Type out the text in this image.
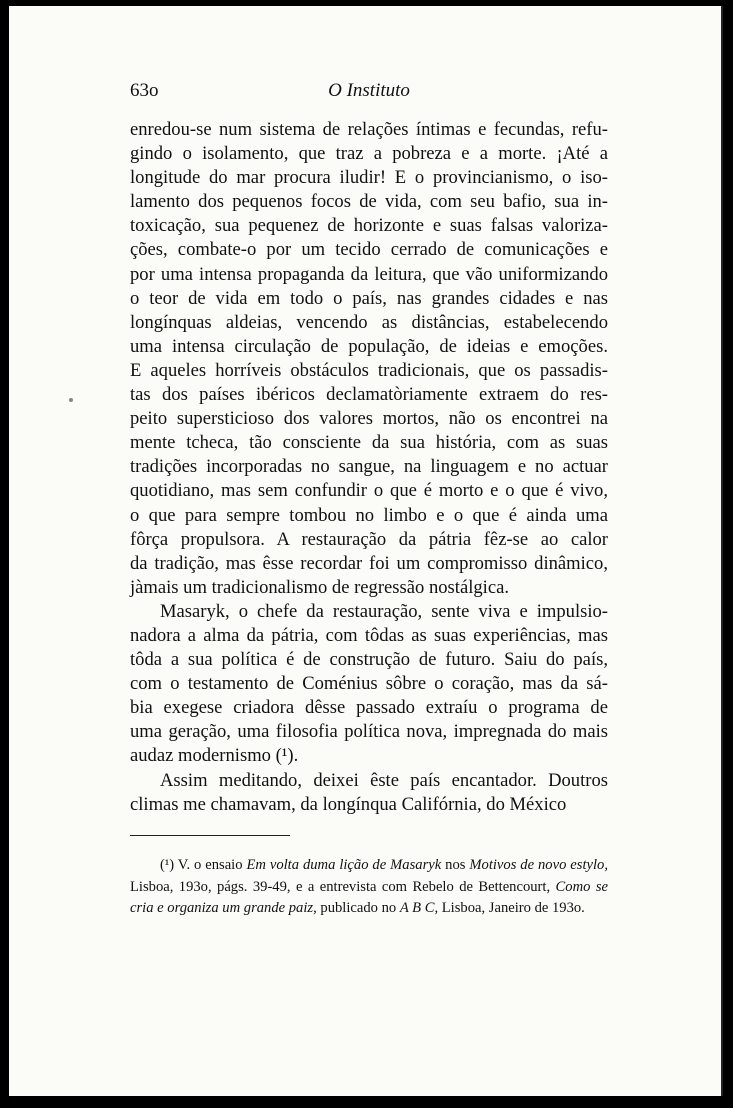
63o	O Instituto

enredou-se num sistema de relações íntimas e fecundas, refu-
gindo o isolamento, que traz a pobreza e a morte. ¡Até a
longitude do mar procura iludir! E o provincianismo, o iso-
lamento dos pequenos focos de vida, com seu bafio, sua in-
toxicação, sua pequenez de horizonte e suas falsas valoriza-
ções, combate-o por um tecido cerrado de comunicações e
por uma intensa propaganda da leitura, que vão uniformizando
o teor de vida em todo o país, nas grandes cidades e nas
longínquas aldeias, vencendo as distâncias, estabelecendo
uma intensa circulação de população, de ideias e emoções.
E aqueles horríveis obstáculos tradicionais, que os passadis-
tas dos países ibéricos declamatòriamente extraem do res-
peito supersticioso dos valores mortos, não os encontrei na
mente tcheca, tão consciente da sua história, com as suas
tradições incorporadas no sangue, na linguagem e no actuar
quotidiano, mas sem confundir o que é morto e o que é vivo,
o que para sempre tombou no limbo e o que é ainda uma
fôrça propulsora. A restauração da pátria fêz-se ao calor
da tradição, mas êsse recordar foi um compromisso dinâmico,
jàmais um tradicionalismo de regressão nostálgica.

Masaryk, o chefe da restauração, sente viva e impulsio-
nadora a alma da pátria, com tôdas as suas experiências, mas
tôda a sua política é de construção de futuro. Saiu do país,
com o testamento de Coménius sôbre o coração, mas da sá-
bia exegese criadora dêsse passado extraíu o programa de
uma geração, uma filosofia política nova, impregnada do mais
audaz modernismo (¹).

Assim meditando, deixei êste país encantador. Doutros
climas me chamavam, da longínqua Califórnia, do México

(¹) V. o ensaio Em volta duma lição de Masaryk nos Motivos de novo estylo, Lisboa, 193o, págs. 39-49, e a entrevista com Rebelo de Bettencourt, Como se cria e organiza um grande paiz, publicado no A B C, Lisboa, Janeiro de 193o.
